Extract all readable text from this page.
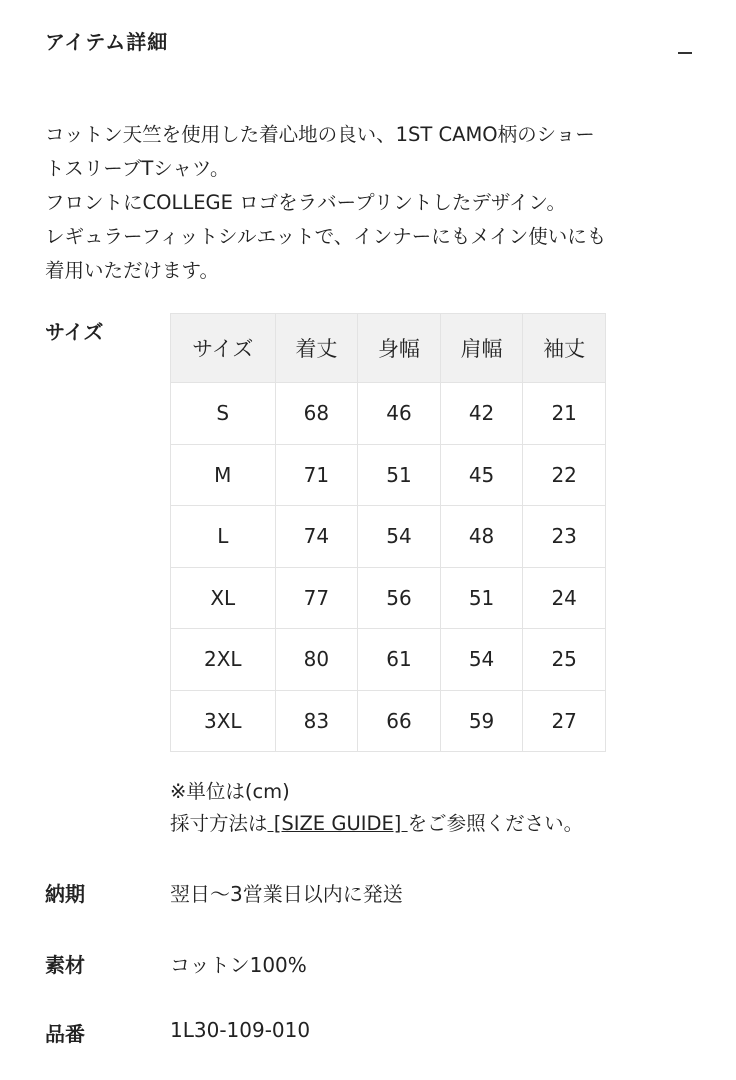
アイテム詳細

コットン天竺を使用した着心地の良い、1ST CAMO柄のショー

トスリーブTシャツ。

フロントにCOLLEGE ロゴをラバープリントしたデザイン。

レギュラーフィットシルエットで、インナーにもメイン使いにも

着用いただけます。

サイズ
サイズ	着丈	身幅	肩幅	袖丈
S	68	46	42	21
M	71	51	45	22
L	74	54	48	23
XL	77	56	51	24
2XL	80	61	54	25
3XL	83	66	59	27

※単位は(cm)

採寸方法は [SIZE GUIDE] をご参照ください。

納期	翌日〜3営業日以内に発送
素材	コットン100%
品番	1L30-109-010
